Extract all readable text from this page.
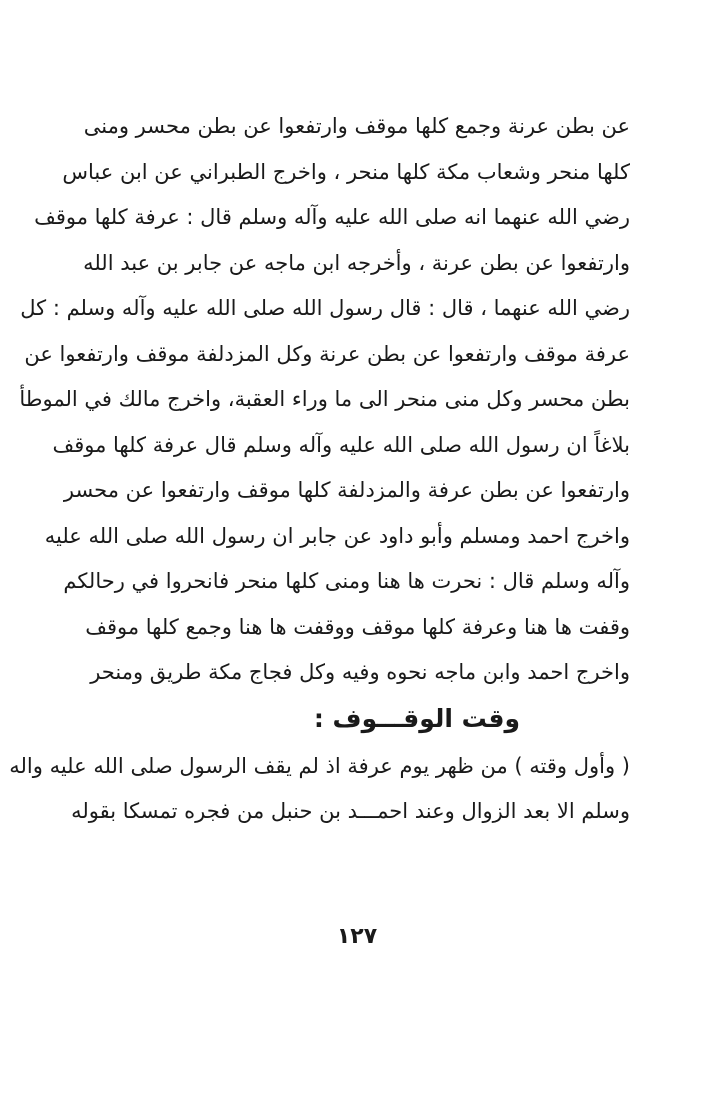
عن بطن عرنة وجمع كلها موقف وارتفعوا عن بطن محسر ومنى
كلها منحر وشعاب مكة كلها منحر ، واخرج الطبراني عن ابن عباس
رضي الله عنهما انه صلى الله عليه وآله وسلم قال : عرفة كلها موقف
وارتفعوا عن بطن عرنة ، وأخرجه ابن ماجه عن جابر بن عبد الله
رضي الله عنهما ، قال : قال رسول الله صلى الله عليه وآله وسلم : كل
عرفة موقف وارتفعوا عن بطن عرنة وكل المزدلفة موقف وارتفعوا عن
بطن محسر وكل منى منحر الى ما وراء العقبة، واخرج مالك في الموطأ
بلاغاً ان رسول الله صلى الله عليه وآله وسلم قال عرفة كلها موقف
وارتفعوا عن بطن عرفة والمزدلفة كلها موقف وارتفعوا عن محسر
واخرج احمد ومسلم وأبو داود عن جابر ان رسول الله صلى الله عليه
وآله وسلم قال : نحرت ها هنا ومنى كلها منحر فانحروا في رحالكم
وقفت ها هنا وعرفة كلها موقف ووقفت ها هنا وجمع كلها موقف
واخرج احمد وابن ماجه نحوه وفيه وكل فجاج مكة طريق ومنحر
وقت الوقـــوف :
( وأول وقته ) من ظهر يوم عرفة اذ لم يقف الرسول صلى الله عليه واله
وسلم الا بعد الزوال وعند احمـــد بن حنبل من فجره تمسكا بقوله
١٢٧
